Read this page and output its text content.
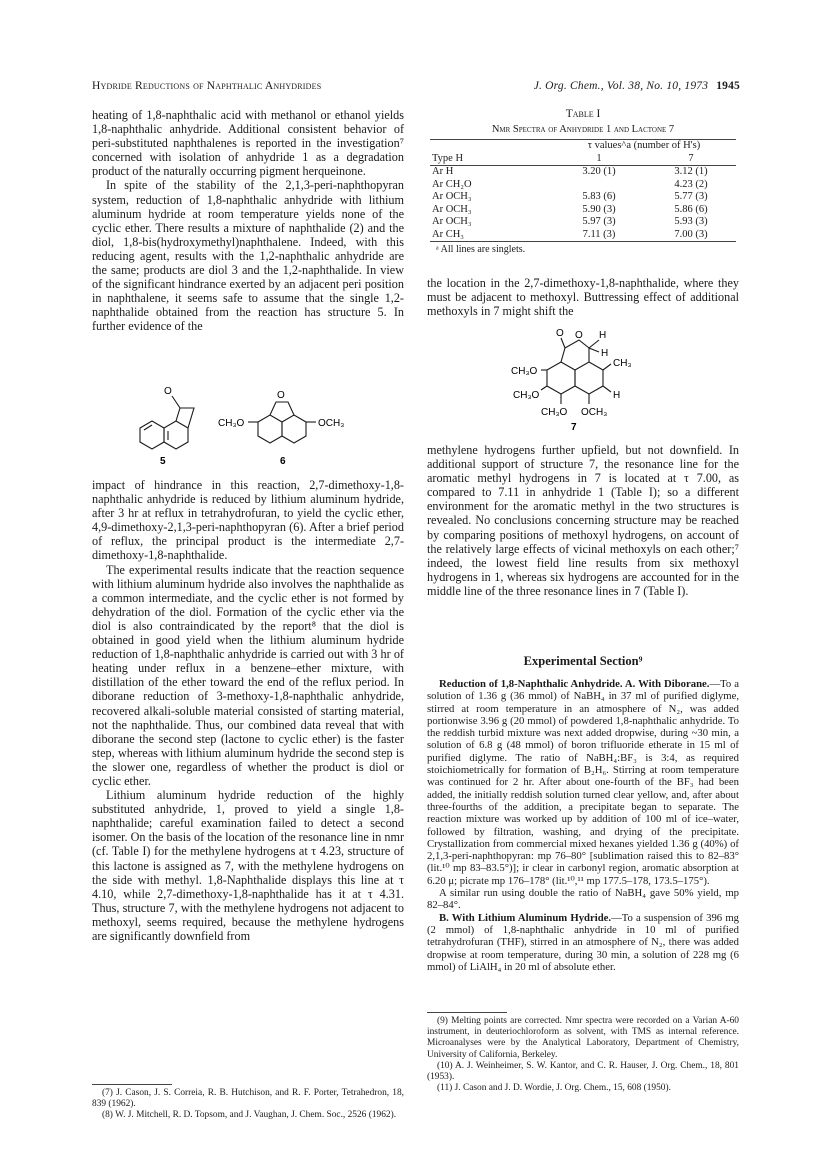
Hydride Reductions of Naphthalic Anhydrides	J. Org. Chem., Vol. 38, No. 10, 1973 1945

heating of 1,8-naphthalic acid with methanol or ethanol yields 1,8-naphthalic anhydride. Additional consistent behavior of peri-substituted naphthalenes is reported in the investigation⁷ concerned with isolation of anhydride 1 as a degradation product of the naturally occurring pigment herqueinone.

In spite of the stability of the 2,1,3-peri-naphthopyran system, reduction of 1,8-naphthalic anhydride with lithium aluminum hydride at room temperature yields none of the cyclic ether. There results a mixture of naphthalide (2) and the diol, 1,8-bis(hydroxymethyl)naphthalene. Indeed, with this reducing agent, results with the 1,2-naphthalic anhydride are the same; products are diol 3 and the 1,2-naphthalide. In view of the significant hindrance exerted by an adjacent peri position in naphthalene, it seems safe to assume that the single 1,2-naphthalide obtained from the reaction has structure 5. In further evidence of the

O
5
O
CH₃O	OCH₃
6

impact of hindrance in this reaction, 2,7-dimethoxy-1,8-naphthalic anhydride is reduced by lithium aluminum hydride, after 3 hr at reflux in tetrahydrofuran, to yield the cyclic ether, 4,9-dimethoxy-2,1,3-peri-naphthopyran (6). After a brief period of reflux, the principal product is the intermediate 2,7-dimethoxy-1,8-naphthalide.

The experimental results indicate that the reaction sequence with lithium aluminum hydride also involves the naphthalide as a common intermediate, and the cyclic ether is not formed by dehydration of the diol. Formation of the cyclic ether via the diol is also contraindicated by the report⁸ that the diol is obtained in good yield when the lithium aluminum hydride reduction of 1,8-naphthalic anhydride is carried out with 3 hr of heating under reflux in a benzene–ether mixture, with distillation of the ether toward the end of the reflux period. In diborane reduction of 3-methoxy-1,8-naphthalic anhydride, recovered alkali-soluble material consisted of starting material, not the naphthalide. Thus, our combined data reveal that with diborane the second step (lactone to cyclic ether) is the faster step, whereas with lithium aluminum hydride the second step is the slower one, regardless of whether the product is diol or cyclic ether.

Lithium aluminum hydride reduction of the highly substituted anhydride, 1, proved to yield a single 1,8-naphthalide; careful examination failed to detect a second isomer. On the basis of the location of the resonance line in nmr (cf. Table I) for the methylene hydrogens at τ 4.23, structure of this lactone is assigned as 7, with the methylene hydrogens on the side with methyl. 1,8-Naphthalide displays this line at τ 4.10, while 2,7-dimethoxy-1,8-naphthalide has it at τ 4.31. Thus, structure 7, with the methylene hydrogens not adjacent to methoxyl, seems required, because the methylene hydrogens are significantly downfield from

(7) J. Cason, J. S. Correia, R. B. Hutchison, and R. F. Porter, Tetrahedron, 18, 839 (1962).

(8) W. J. Mitchell, R. D. Topsom, and J. Vaughan, J. Chem. Soc., 2526 (1962).

Table I
Nmr Spectra of Anhydride 1 and Lactone 7
	τ values^a (number of H's)	
Type H	1	7
Ar H	3.20 (1)	3.12 (1)
Ar CH₂O		4.23 (2)
Ar OCH₃	5.83 (6)	5.77 (3)
Ar OCH₃	5.90 (3)	5.86 (6)
Ar OCH₃	5.97 (3)	5.93 (3)
Ar CH₃	7.11 (3)	7.00 (3)
ᵃ All lines are singlets.

the location in the 2,7-dimethoxy-1,8-naphthalide, where they must be adjacent to methoxyl. Buttressing effect of additional methoxyls in 7 might shift the

O O H
H
CH₃O
CH₃O
CH₃O OCH₃
CH₃
H
7

methylene hydrogens further upfield, but not downfield. In additional support of structure 7, the resonance line for the aromatic methyl hydrogens in 7 is located at τ 7.00, as compared to 7.11 in anhydride 1 (Table I); so a different environment for the aromatic methyl in the two structures is revealed. No conclusions concerning structure may be reached by comparing positions of methoxyl hydrogens, on account of the relatively large effects of vicinal methoxyls on each other;⁷ indeed, the lowest field line results from six methoxyl hydrogens in 1, whereas six hydrogens are accounted for in the middle line of the three resonance lines in 7 (Table I).

Experimental Section⁹

Reduction of 1,8-Naphthalic Anhydride. A. With Diborane.—To a solution of 1.36 g (36 mmol) of NaBH₄ in 37 ml of purified diglyme, stirred at room temperature in an atmosphere of N₂, was added portionwise 3.96 g (20 mmol) of powdered 1,8-naphthalic anhydride. To the reddish turbid mixture was next added dropwise, during ~30 min, a solution of 6.8 g (48 mmol) of boron trifluoride etherate in 15 ml of purified diglyme. The ratio of NaBH₄:BF₃ is 3:4, as required stoichiometrically for formation of B₂H₆. Stirring at room temperature was continued for 2 hr. After about one-fourth of the BF₃ had been added, the initially reddish solution turned clear yellow, and, after about three-fourths of the addition, a precipitate began to separate. The reaction mixture was worked up by addition of 100 ml of ice–water, followed by filtration, washing, and drying of the precipitate. Crystallization from commercial mixed hexanes yielded 1.36 g (40%) of 2,1,3-peri-naphthopyran: mp 76–80° [sublimation raised this to 82–83° (lit.¹⁰ mp 83–83.5°)]; ir clear in carbonyl region, aromatic absorption at 6.20 μ; picrate mp 176–178° (lit.¹⁰,¹¹ mp 177.5–178, 173.5–175°).

A similar run using double the ratio of NaBH₄ gave 50% yield, mp 82–84°.

B. With Lithium Aluminum Hydride.—To a suspension of 396 mg (2 mmol) of 1,8-naphthalic anhydride in 10 ml of purified tetrahydrofuran (THF), stirred in an atmosphere of N₂, there was added dropwise at room temperature, during 30 min, a solution of 228 mg (6 mmol) of LiAlH₄ in 20 ml of absolute ether.

(9) Melting points are corrected. Nmr spectra were recorded on a Varian A-60 instrument, in deuteriochloroform as solvent, with TMS as internal reference. Microanalyses were by the Analytical Laboratory, Department of Chemistry, University of California, Berkeley.

(10) A. J. Weinheimer, S. W. Kantor, and C. R. Hauser, J. Org. Chem., 18, 801 (1953).

(11) J. Cason and J. D. Wordie, J. Org. Chem., 15, 608 (1950).
